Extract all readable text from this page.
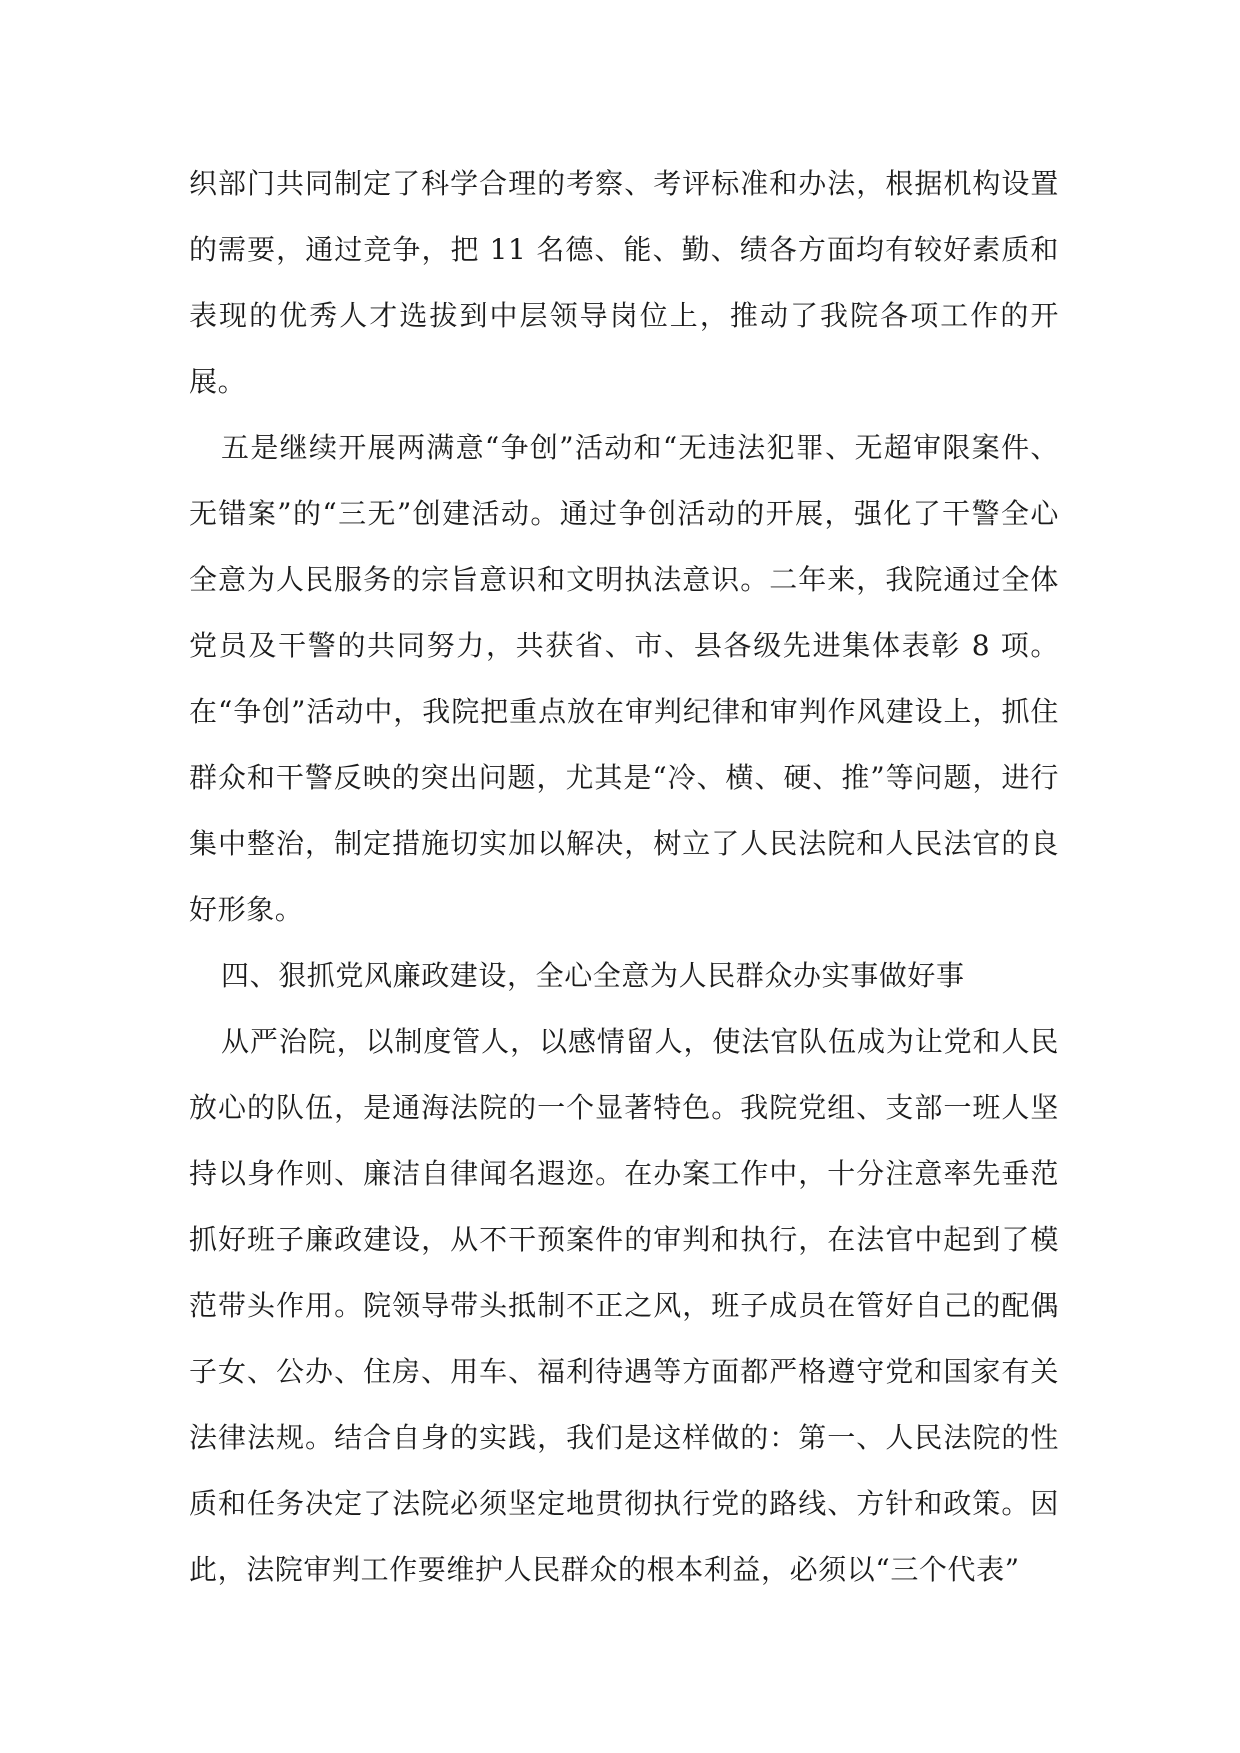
织部门共同制定了科学合理的考察、考评标准和办法，根据机构设置的需要，通过竞争，把 11 名德、能、勤、绩各方面均有较好素质和表现的优秀人才选拔到中层领导岗位上，推动了我院各项工作的开展。

五是继续开展两满意“争创”活动和“无违法犯罪、无超审限案件、无错案”的“三无”创建活动。通过争创活动的开展，强化了干警全心全意为人民服务的宗旨意识和文明执法意识。二年来，我院通过全体党员及干警的共同努力，共获省、市、县各级先进集体表彰 8 项。在“争创”活动中，我院把重点放在审判纪律和审判作风建设上，抓住群众和干警反映的突出问题，尤其是“冷、横、硬、推”等问题，进行集中整治，制定措施切实加以解决，树立了人民法院和人民法官的良好形象。

四、狠抓党风廉政建设，全心全意为人民群众办实事做好事

从严治院，以制度管人，以感情留人，使法官队伍成为让党和人民放心的队伍，是通海法院的一个显著特色。我院党组、支部一班人坚持以身作则、廉洁自律闻名遐迩。在办案工作中，十分注意率先垂范抓好班子廉政建设，从不干预案件的审判和执行，在法官中起到了模范带头作用。院领导带头抵制不正之风，班子成员在管好自己的配偶子女、公办、住房、用车、福利待遇等方面都严格遵守党和国家有关法律法规。结合自身的实践，我们是这样做的：第一、人民法院的性质和任务决定了法院必须坚定地贯彻执行党的路线、方针和政策。因此，法院审判工作要维护人民群众的根本利益，必须以“三个代表”
